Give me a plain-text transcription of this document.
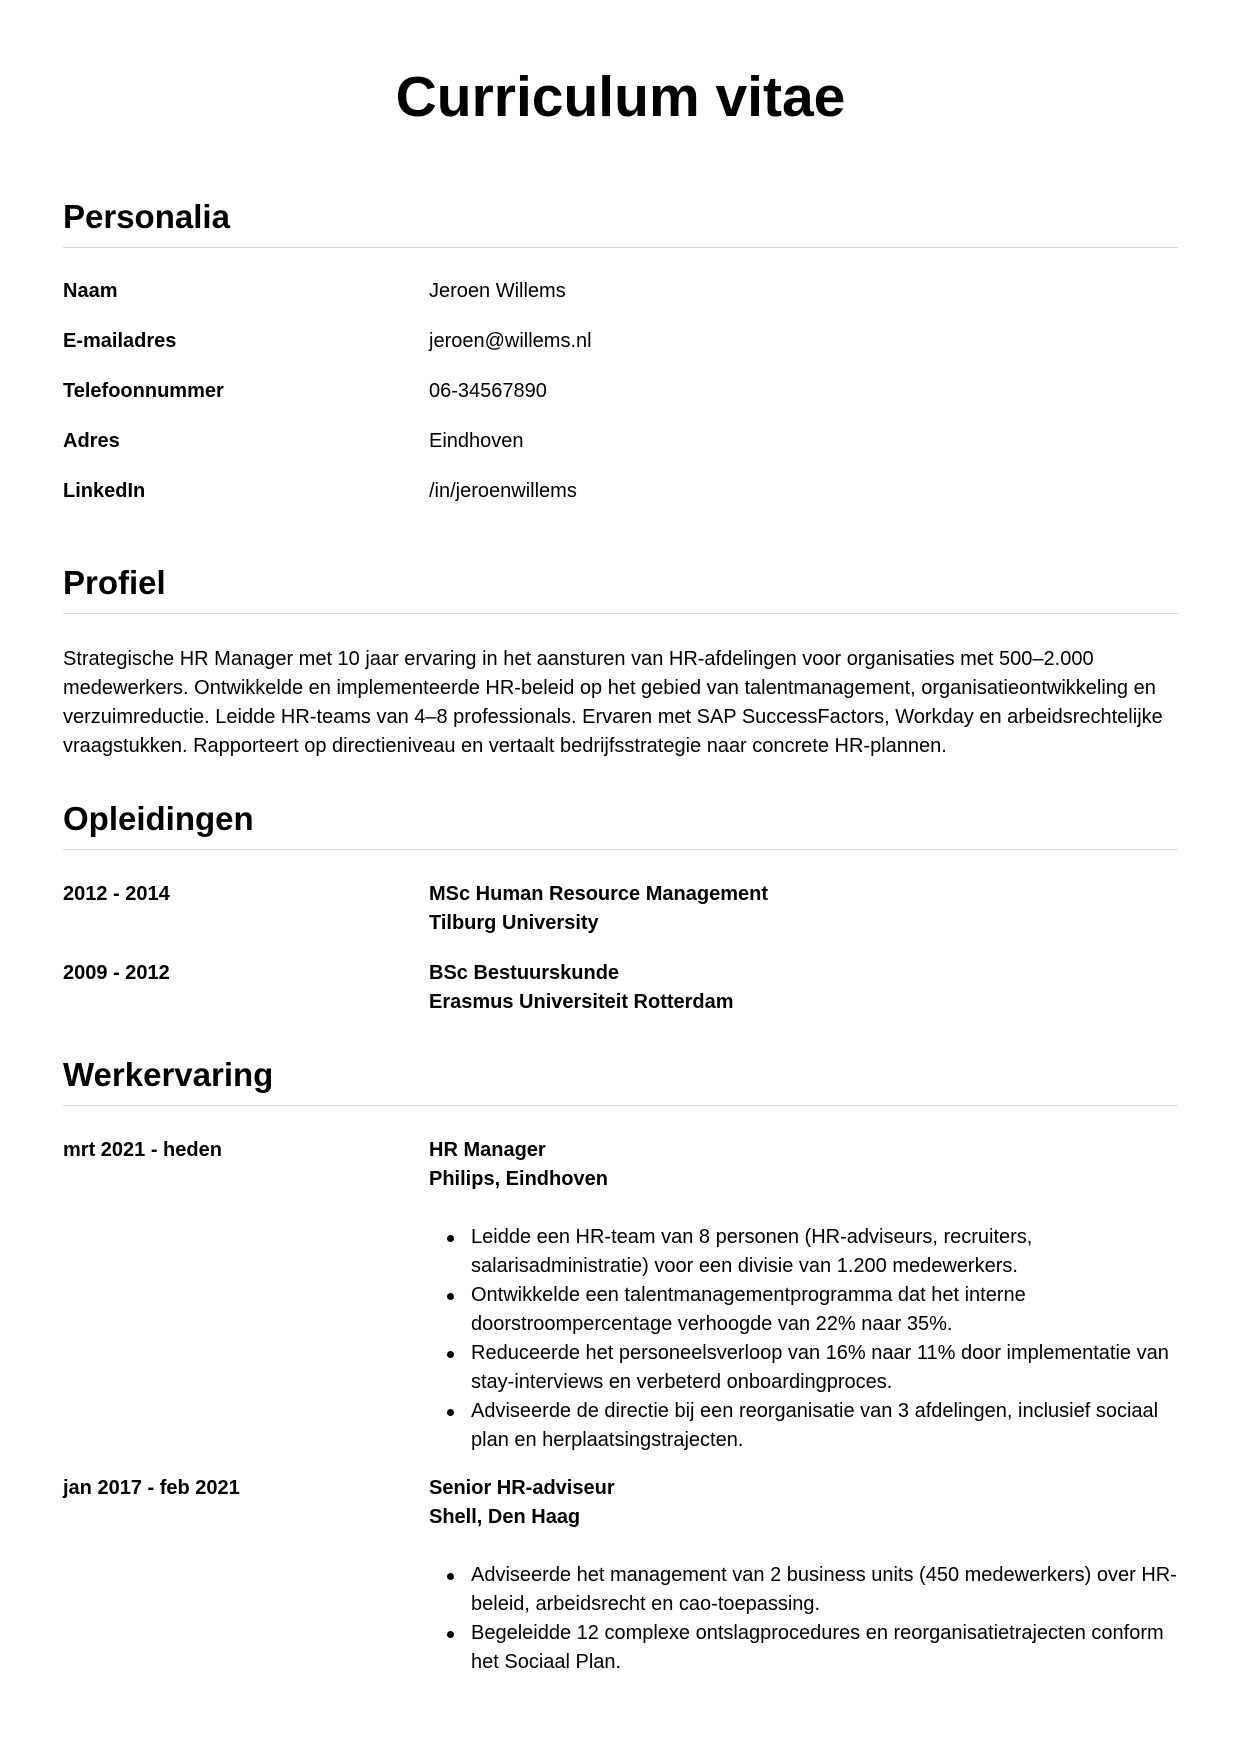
Curriculum vitae
Personalia
Naam	Jeroen Willems
E-mailadres	jeroen@willems.nl
Telefoonnummer	06-34567890
Adres	Eindhoven
LinkedIn	/in/jeroenwillems
Profiel

Strategische HR Manager met 10 jaar ervaring in het aansturen van HR-afdelingen voor organisaties met 500–2.000 medewerkers. Ontwikkelde en implementeerde HR-beleid op het gebied van talentmanagement, organisatieontwikkeling en verzuimreductie. Leidde HR-teams van 4–8 professionals. Ervaren met SAP SuccessFactors, Workday en arbeidsrechtelijke vraagstukken. Rapporteert op directieniveau en vertaalt bedrijfsstrategie naar concrete HR-plannen.

Opleidingen
2012 - 2014	MSc Human Resource Management
Tilburg University
2009 - 2012	BSc Bestuurskunde
Erasmus Universiteit Rotterdam
Werkervaring
mrt 2021 - heden	HR Manager
Philips, Eindhoven
Leidde een HR-team van 8 personen (HR-adviseurs, recruiters, salarisadministratie) voor een divisie van 1.200 medewerkers.
Ontwikkelde een talentmanagementprogramma dat het interne doorstroompercentage verhoogde van 22% naar 35%.
Reduceerde het personeelsverloop van 16% naar 11% door implementatie van stay-interviews en verbeterd onboardingproces.
Adviseerde de directie bij een reorganisatie van 3 afdelingen, inclusief sociaal plan en herplaatsingstrajecten.
jan 2017 - feb 2021	Senior HR-adviseur
Shell, Den Haag
Adviseerde het management van 2 business units (450 medewerkers) over HR-beleid, arbeidsrecht en cao-toepassing.
Begeleidde 12 complexe ontslagprocedures en reorganisatietrajecten conform het Sociaal Plan.
